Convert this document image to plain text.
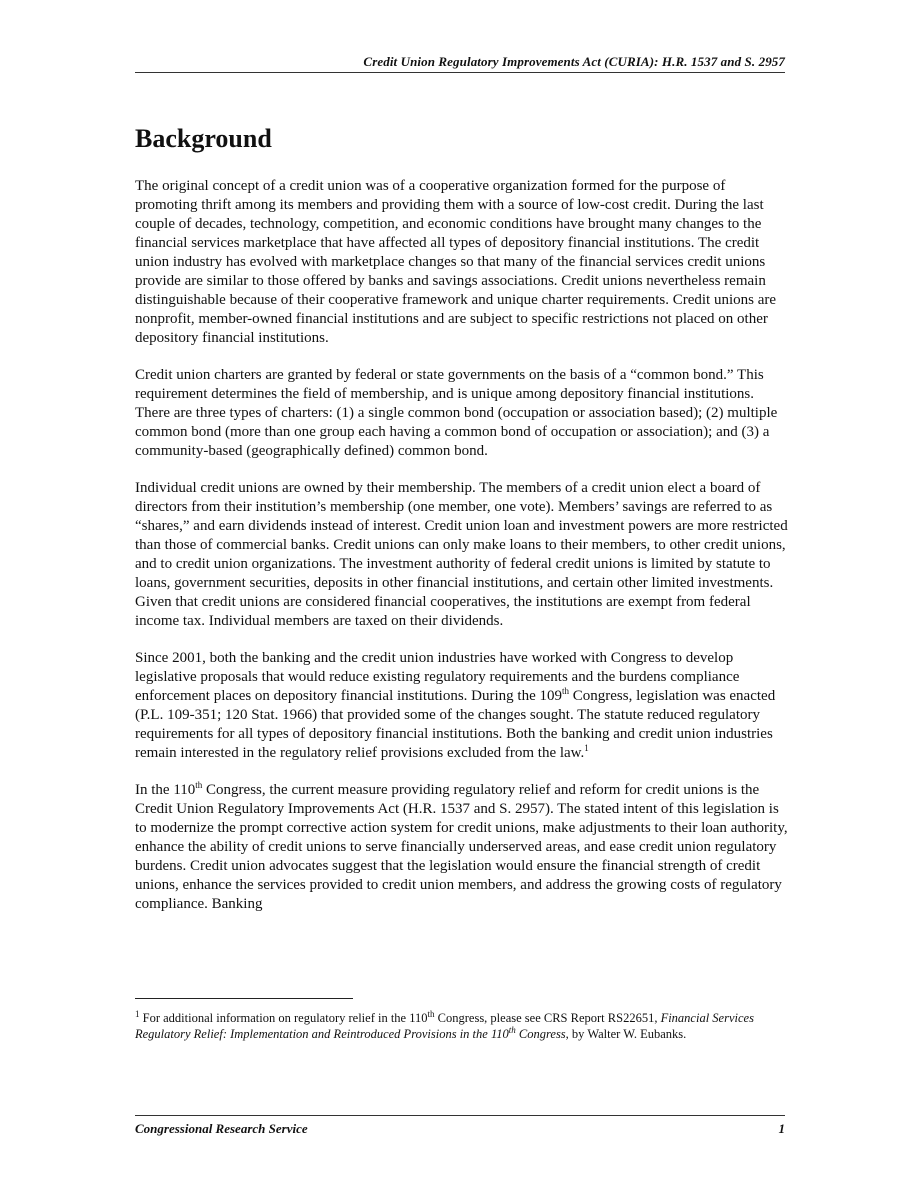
Credit Union Regulatory Improvements Act (CURIA): H.R. 1537 and S. 2957
Background

The original concept of a credit union was of a cooperative organization formed for the purpose of promoting thrift among its members and providing them with a source of low-cost credit. During the last couple of decades, technology, competition, and economic conditions have brought many changes to the financial services marketplace that have affected all types of depository financial institutions. The credit union industry has evolved with marketplace changes so that many of the financial services credit unions provide are similar to those offered by banks and savings associations. Credit unions nevertheless remain distinguishable because of their cooperative framework and unique charter requirements. Credit unions are nonprofit, member-owned financial institutions and are subject to specific restrictions not placed on other depository financial institutions.

Credit union charters are granted by federal or state governments on the basis of a “common bond.” This requirement determines the field of membership, and is unique among depository financial institutions. There are three types of charters: (1) a single common bond (occupation or association based); (2) multiple common bond (more than one group each having a common bond of occupation or association); and (3) a community-based (geographically defined) common bond.

Individual credit unions are owned by their membership. The members of a credit union elect a board of directors from their institution’s membership (one member, one vote). Members’ savings are referred to as “shares,” and earn dividends instead of interest. Credit union loan and investment powers are more restricted than those of commercial banks. Credit unions can only make loans to their members, to other credit unions, and to credit union organizations. The investment authority of federal credit unions is limited by statute to loans, government securities, deposits in other financial institutions, and certain other limited investments. Given that credit unions are considered financial cooperatives, the institutions are exempt from federal income tax. Individual members are taxed on their dividends.

Since 2001, both the banking and the credit union industries have worked with Congress to develop legislative proposals that would reduce existing regulatory requirements and the burdens compliance enforcement places on depository financial institutions. During the 109th Congress, legislation was enacted (P.L. 109-351; 120 Stat. 1966) that provided some of the changes sought. The statute reduced regulatory requirements for all types of depository financial institutions. Both the banking and credit union industries remain interested in the regulatory relief provisions excluded from the law.$^1$

In the 110th Congress, the current measure providing regulatory relief and reform for credit unions is the Credit Union Regulatory Improvements Act (H.R. 1537 and S. 2957). The stated intent of this legislation is to modernize the prompt corrective action system for credit unions, make adjustments to their loan authority, enhance the ability of credit unions to serve financially underserved areas, and ease credit union regulatory burdens. Credit union advocates suggest that the legislation would ensure the financial strength of credit unions, enhance the services provided to credit union members, and address the growing costs of regulatory compliance. Banking

$^1$ For additional information on regulatory relief in the 110th Congress, please see CRS Report RS22651, Financial Services Regulatory Relief: Implementation and Reintroduced Provisions in the 110th Congress, by Walter W. Eubanks.
Congressional Research Service	1
